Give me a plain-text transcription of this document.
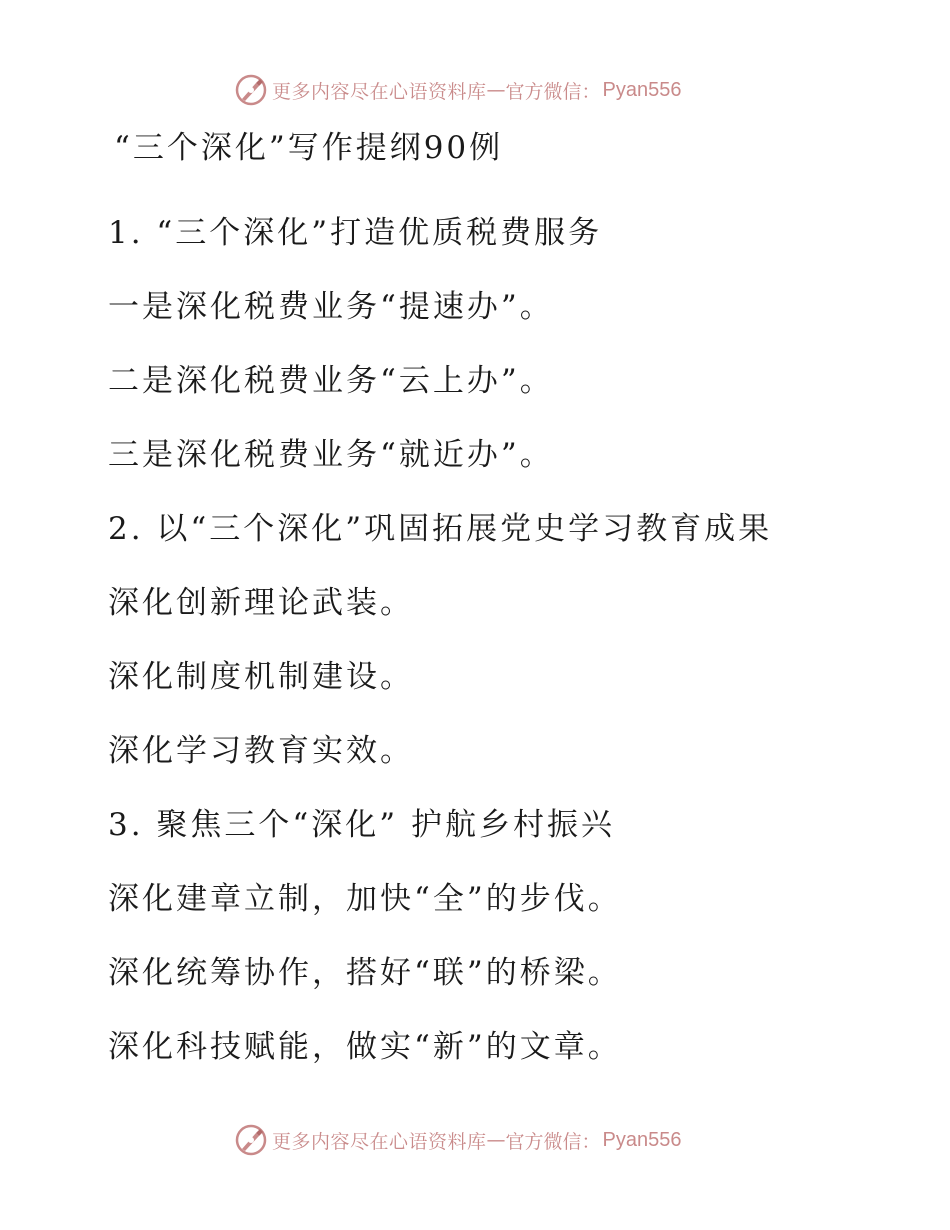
更多内容尽在心语资料库 — 官方微信： Pyan556
“三个深化”写作提纲90例
1. “三个深化”打造优质税费服务
一是深化税费业务“提速办”。
二是深化税费业务“云上办”。
三是深化税费业务“就近办”。
2. 以“三个深化”巩固拓展党史学习教育成果
深化创新理论武装。
深化制度机制建设。
深化学习教育实效。
3. 聚焦三个“深化” 护航乡村振兴
深化建章立制，加快“全”的步伐。
深化统筹协作，搭好“联”的桥梁。
深化科技赋能，做实“新”的文章。
更多内容尽在心语资料库 — 官方微信： Pyan556
